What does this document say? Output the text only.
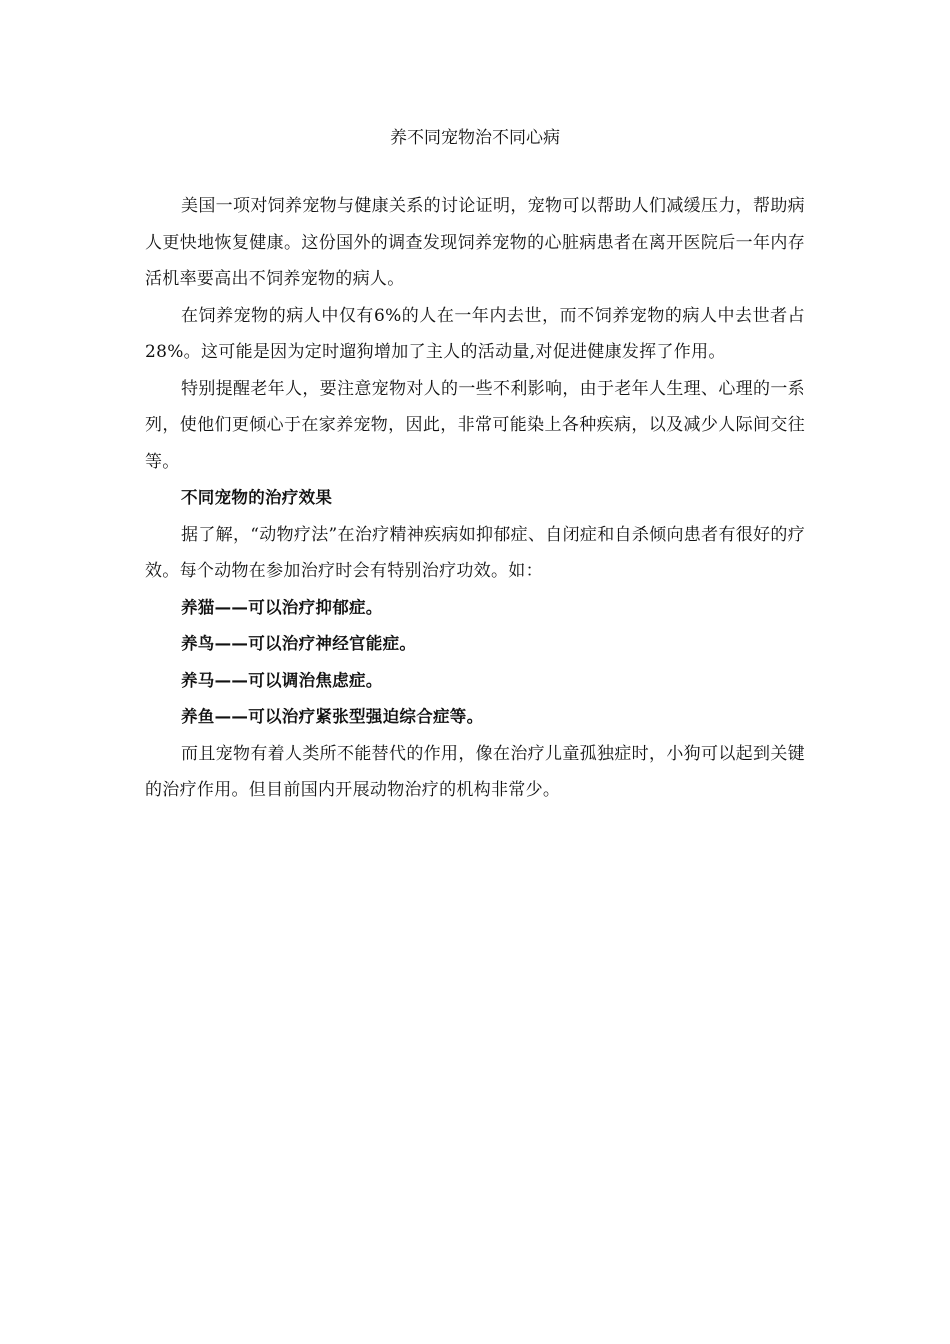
养不同宠物治不同心病

美国一项对饲养宠物与健康关系的讨论证明，宠物可以帮助人们减缓压力，帮助病人更快地恢复健康。这份国外的调查发现饲养宠物的心脏病患者在离开医院后一年内存活机率要高出不饲养宠物的病人。

在饲养宠物的病人中仅有6%的人在一年内去世，而不饲养宠物的病人中去世者占28%。这可能是因为定时遛狗增加了主人的活动量,对促进健康发挥了作用。

特别提醒老年人，要注意宠物对人的一些不利影响，由于老年人生理、心理的一系列，使他们更倾心于在家养宠物，因此，非常可能染上各种疾病，以及减少人际间交往等。

不同宠物的治疗效果

据了解，“动物疗法”在治疗精神疾病如抑郁症、自闭症和自杀倾向患者有很好的疗效。每个动物在参加治疗时会有特别治疗功效。如：

养猫——可以治疗抑郁症。

养鸟——可以治疗神经官能症。

养马——可以调治焦虑症。

养鱼——可以治疗紧张型强迫综合症等。

而且宠物有着人类所不能替代的作用，像在治疗儿童孤独症时，小狗可以起到关键的治疗作用。但目前国内开展动物治疗的机构非常少。
